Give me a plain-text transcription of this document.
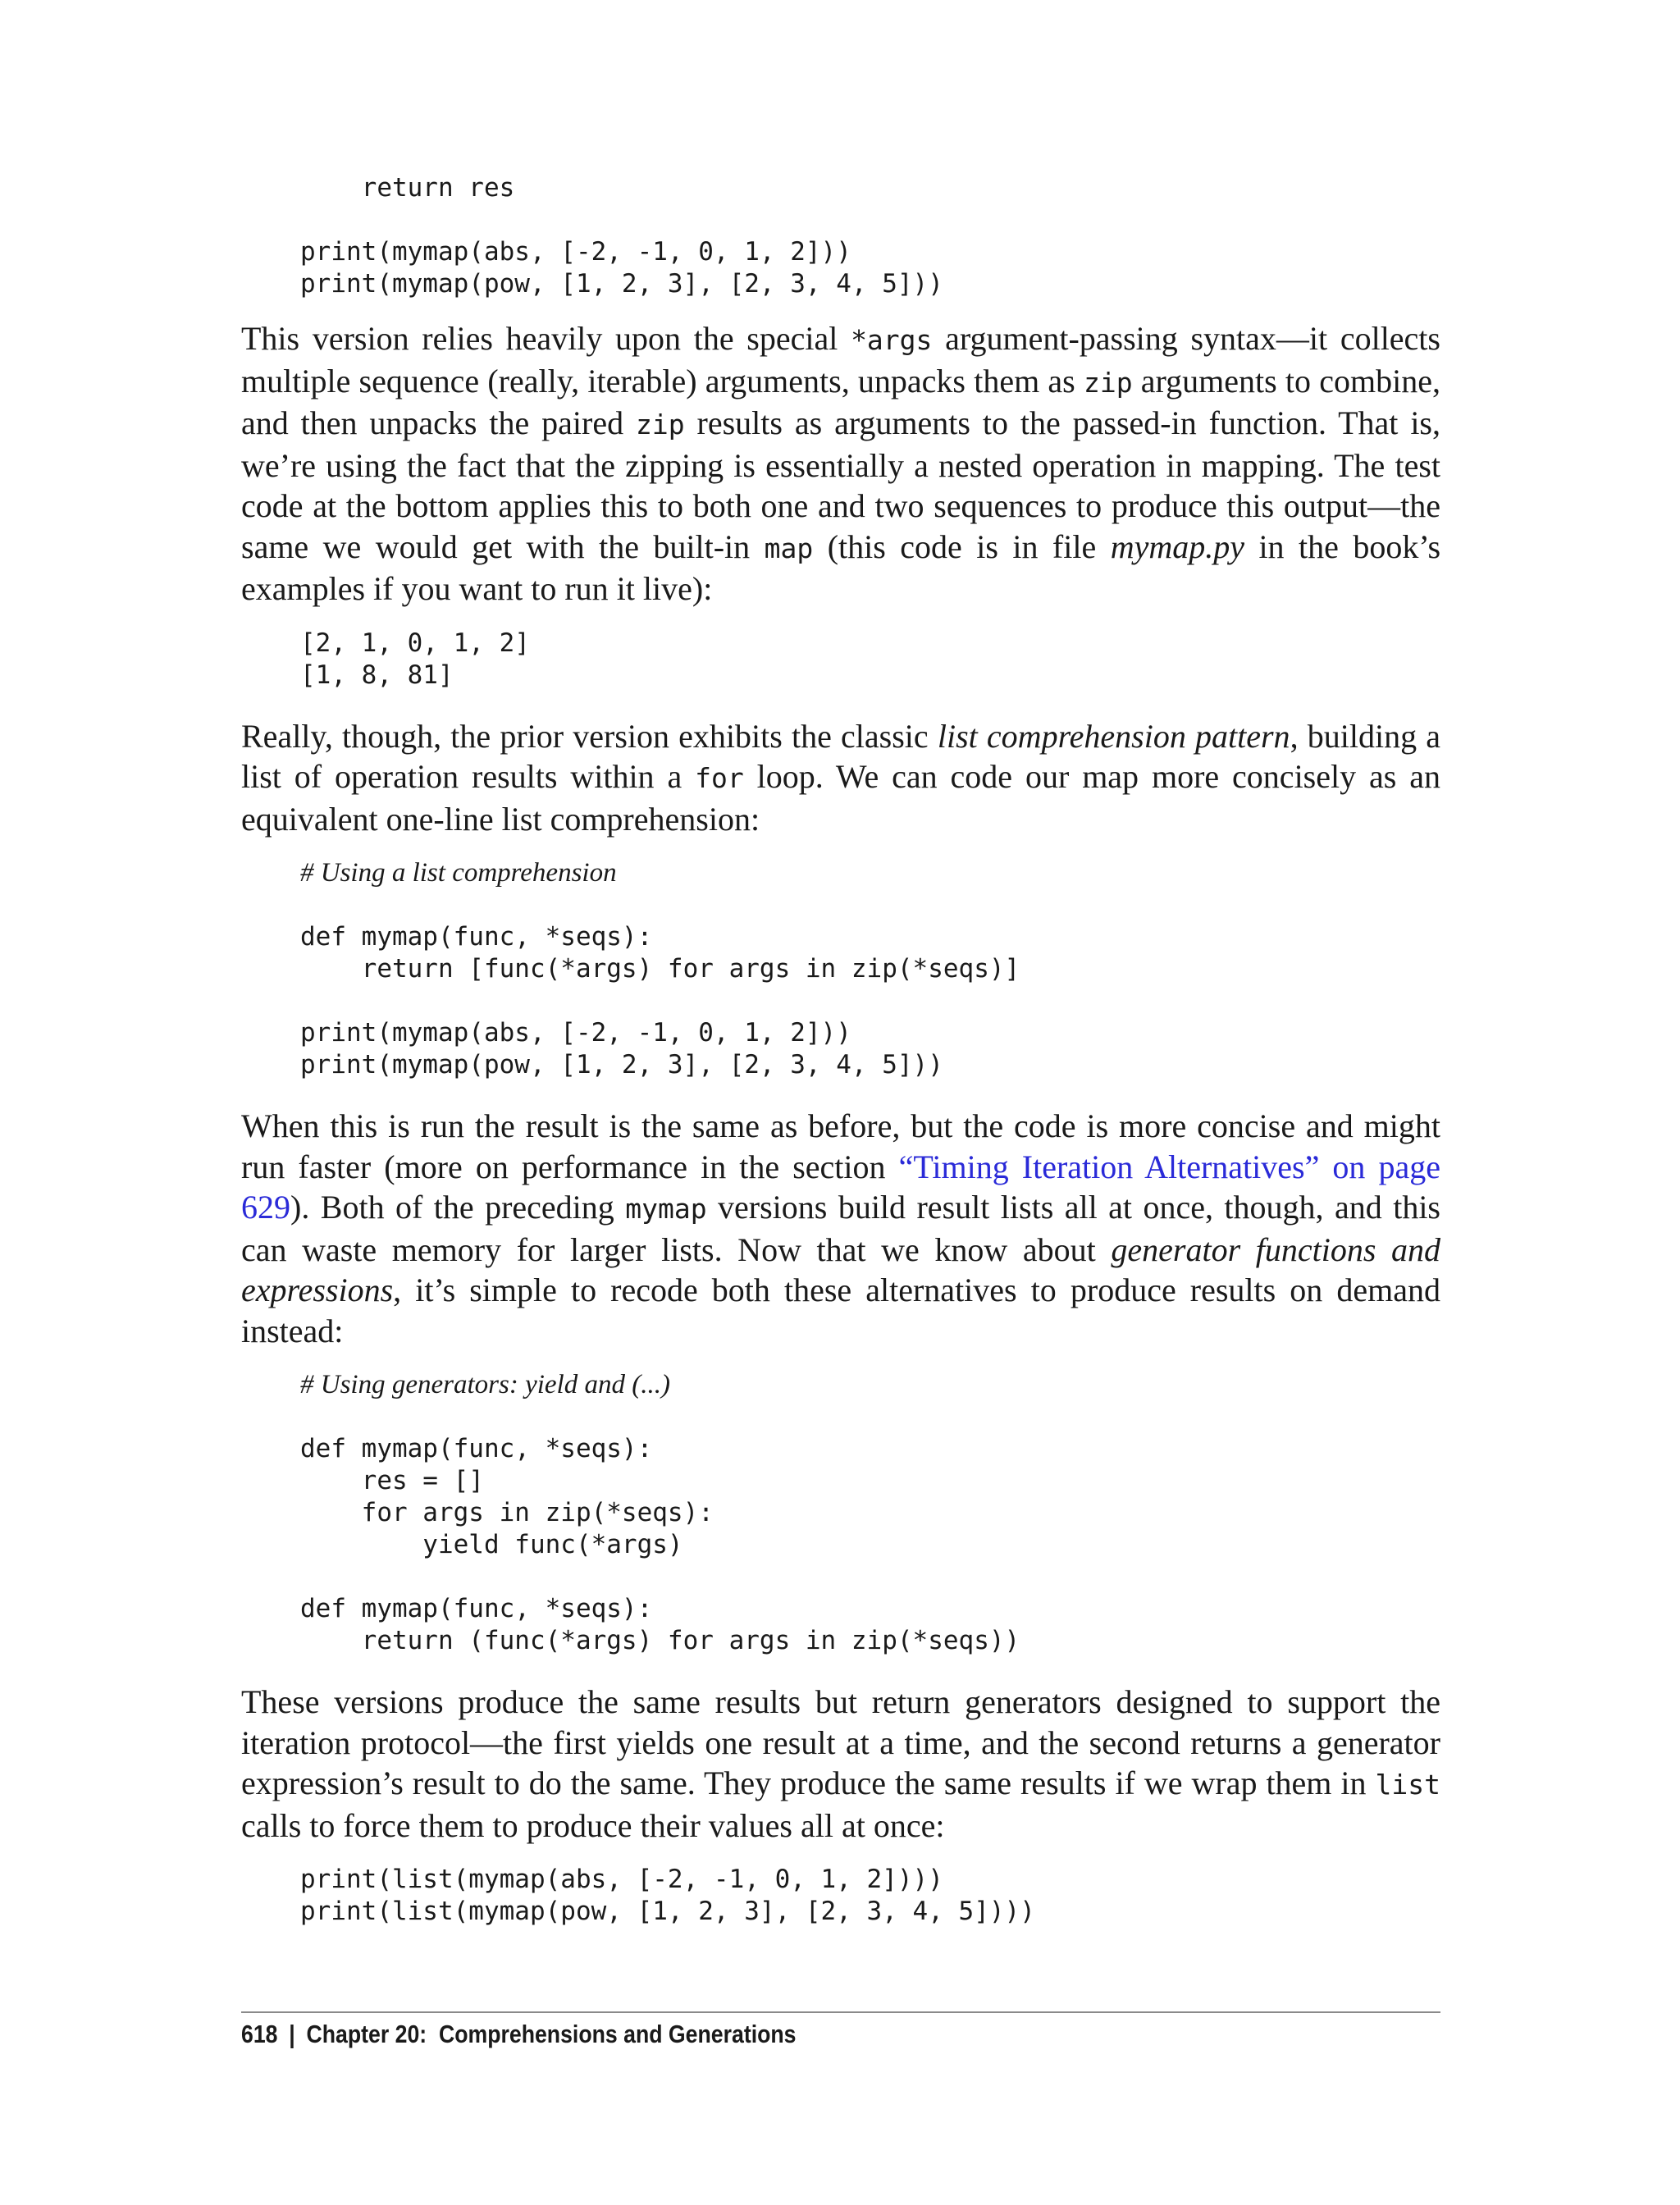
return res

print(mymap(abs, [-2, -1, 0, 1, 2]))
print(mymap(pow, [1, 2, 3], [2, 3, 4, 5]))

This version relies heavily upon the special *args argument-passing syntax—it collects multiple sequence (really, iterable) arguments, unpacks them as zip arguments to combine, and then unpacks the paired zip results as arguments to the passed-in function. That is, we’re using the fact that the zipping is essentially a nested operation in mapping. The test code at the bottom applies this to both one and two sequences to produce this output—the same we would get with the built-in map (this code is in file mymap.py in the book’s examples if you want to run it live):

[2, 1, 0, 1, 2]
[1, 8, 81]

Really, though, the prior version exhibits the classic list comprehension pattern, building a list of operation results within a for loop. We can code our map more concisely as an equivalent one-line list comprehension:

# Using a list comprehension

def mymap(func, *seqs):
return [func(*args) for args in zip(*seqs)]

print(mymap(abs, [-2, -1, 0, 1, 2]))
print(mymap(pow, [1, 2, 3], [2, 3, 4, 5]))

When this is run the result is the same as before, but the code is more concise and might run faster (more on performance in the section “Timing Iteration Alternatives” on page 629). Both of the preceding mymap versions build result lists all at once, though, and this can waste memory for larger lists. Now that we know about generator functions and expressions, it’s simple to recode both these alternatives to produce results on demand instead:

# Using generators: yield and (...)

def mymap(func, *seqs):
res = []
for args in zip(*seqs):
yield func(*args)

def mymap(func, *seqs):
return (func(*args) for args in zip(*seqs))

These versions produce the same results but return generators designed to support the iteration protocol—the first yields one result at a time, and the second returns a generator expression’s result to do the same. They produce the same results if we wrap them in list calls to force them to produce their values all at once:

print(list(mymap(abs, [-2, -1, 0, 1, 2])))
print(list(mymap(pow, [1, 2, 3], [2, 3, 4, 5])))
618 | Chapter 20:  Comprehensions and Generations
